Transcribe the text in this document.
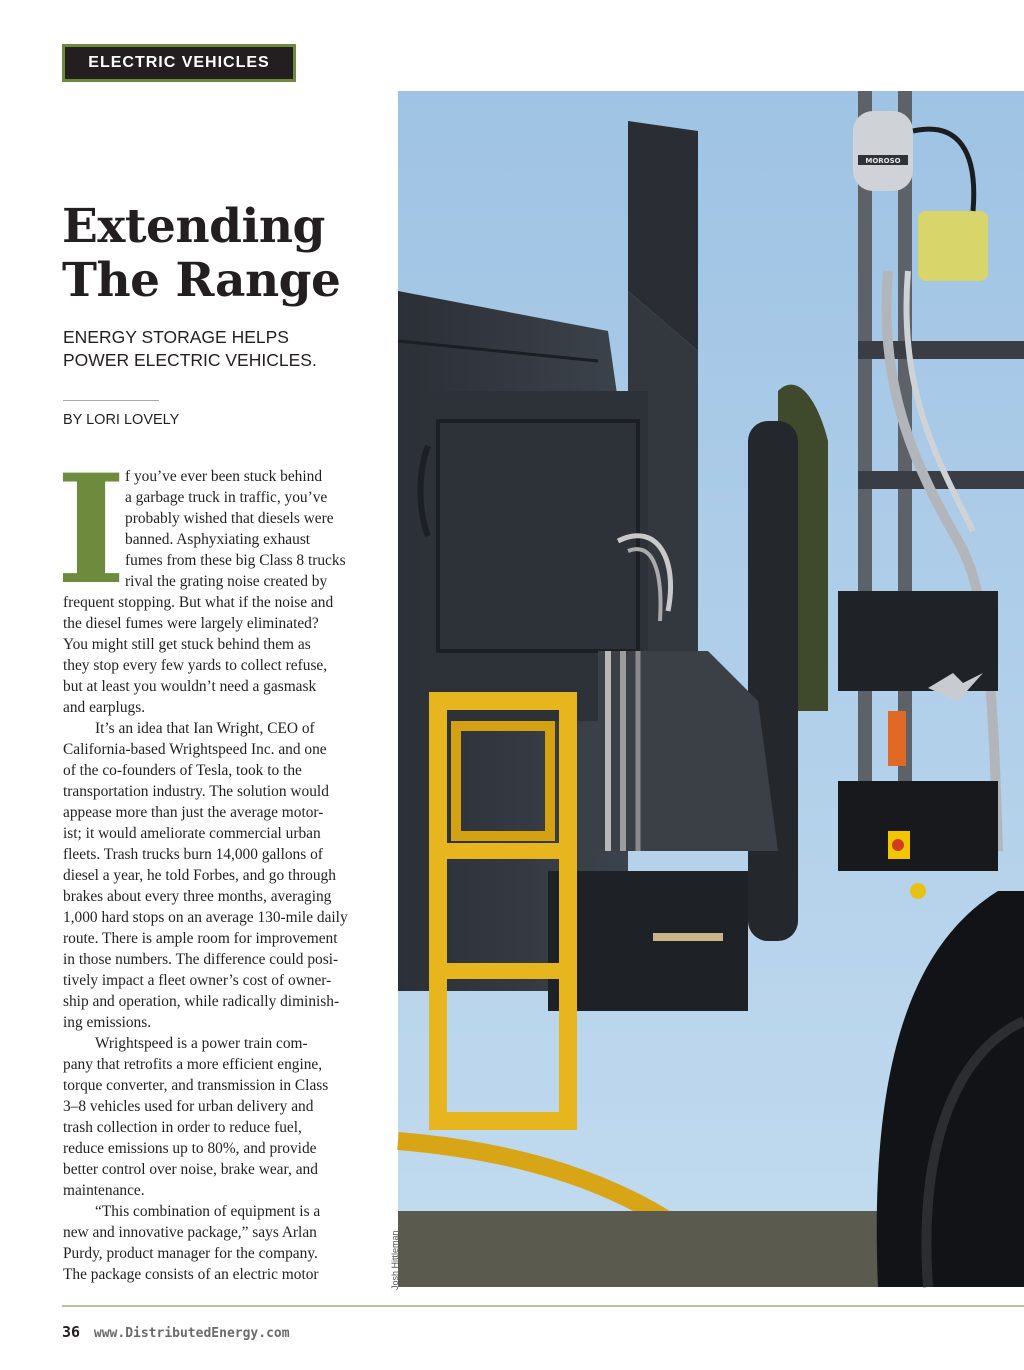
ELECTRIC VEHICLES
Extending
The Range
ENERGY STORAGE HELPS
POWER ELECTRIC VEHICLES.
BY LORI LOVELY
I
f you’ve ever been stuck behind
a garbage truck in traffic, you’ve
probably wished that diesels were
banned. Asphyxiating exhaust
fumes from these big Class 8 trucks
rival the grating noise created by
frequent stopping. But what if the noise and
the diesel fumes were largely eliminated?
You might still get stuck behind them as
they stop every few yards to collect refuse,
but at least you wouldn’t need a gasmask
and earplugs.
It’s an idea that Ian Wright, CEO of
California-based Wrightspeed Inc. and one
of the co-founders of Tesla, took to the
transportation industry. The solution would
appease more than just the average motor-
ist; it would ameliorate commercial urban
fleets. Trash trucks burn 14,000 gallons of
diesel a year, he told Forbes, and go through
brakes about every three months, averaging
1,000 hard stops on an average 130-mile daily
route. There is ample room for improvement
in those numbers. The difference could posi-
tively impact a fleet owner’s cost of owner-
ship and operation, while radically diminish-
ing emissions.
Wrightspeed is a power train com-
pany that retrofits a more efficient engine,
torque converter, and transmission in Class
3–8 vehicles used for urban delivery and
trash collection in order to reduce fuel,
reduce emissions up to 80%, and provide
better control over noise, brake wear, and
maintenance.
“This combination of equipment is a
new and innovative package,” says Arlan
Purdy, product manager for the company.
The package consists of an electric motor
MOROSO
Josh Hittleman
36 www.DistributedEnergy.com
